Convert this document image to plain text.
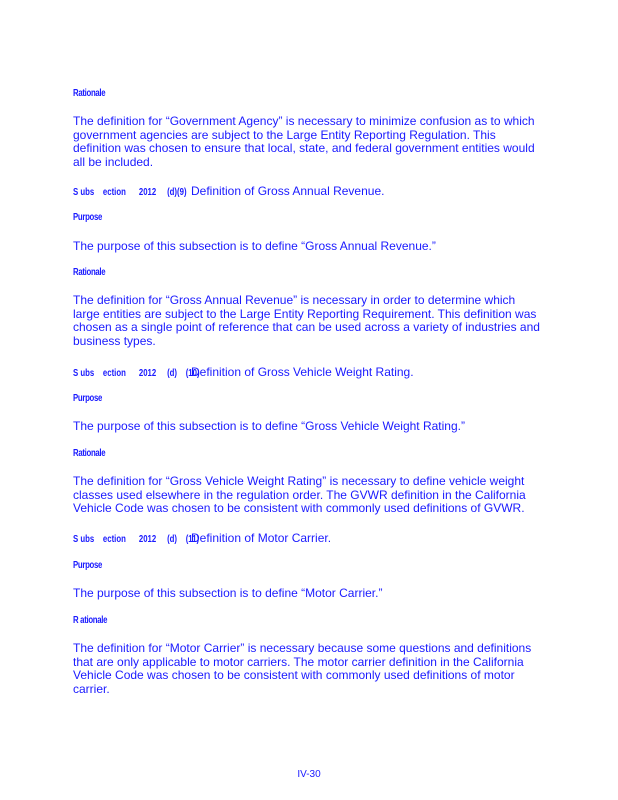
Rationale
The definition for “Government Agency” is necessary to minimize confusion as to which government agencies are subject to the Large Entity Reporting Regulation. This definition was chosen to ensure that local, state, and federal government entities would all be included.
S ubs    ection      2012     (d)(9) Definition of Gross Annual Revenue.
Purpose
The purpose of this subsection is to define “Gross Annual Revenue.”
Rationale
The definition for “Gross Annual Revenue” is necessary in order to determine which large entities are subject to the Large Entity Reporting Requirement. This definition was chosen as a single point of reference that can be used across a variety of industries and business types.
S ubs    ection      2012     (d)    (10)Definition of Gross Vehicle Weight Rating.
Purpose
The purpose of this subsection is to define “Gross Vehicle Weight Rating.”
Rationale
The definition for “Gross Vehicle Weight Rating” is necessary to define vehicle weight classes used elsewhere in the regulation order. The GVWR definition in the California Vehicle Code was chosen to be consistent with commonly used definitions of GVWR.
S ubs    ection      2012     (d)    (11)Definition of Motor Carrier.
Purpose
The purpose of this subsection is to define “Motor Carrier.”
R ationale
The definition for “Motor Carrier” is necessary because some questions and definitions that are only applicable to motor carriers. The motor carrier definition in the California Vehicle Code was chosen to be consistent with commonly used definitions of motor carrier.
IV-30
